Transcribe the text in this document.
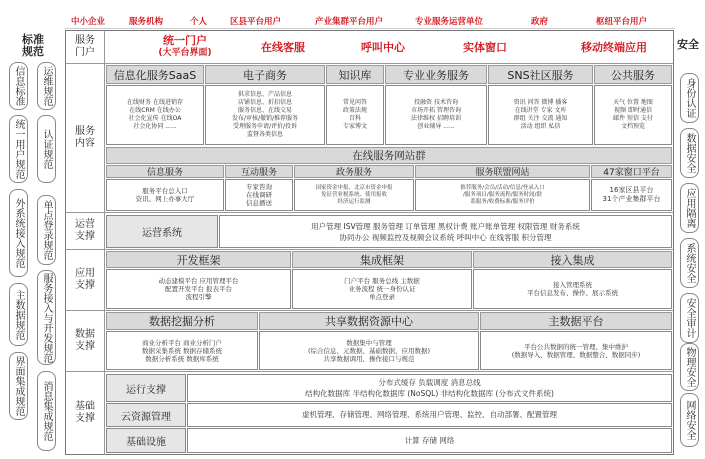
中小企业	服务机构	个人	区县平台用户	产业集群平台用户	专业服务运营单位	政府	枢纽平台用户
标准规范
信息标准
统一用户规范
外系统接入规范
主数据规范
界面集成规范
运维规范
认证规范
单点登录规范
服务接入与开发规范
消息集成规范
安全
身份认证
数据安全
应用隔离
系统安全
安全审计
物理安全
网络安全
服务门户
统一门户
(大平台界面)	在线客服	呼叫中心	实体窗口	移动终端应用
服务内容
信息化服务SaaS	电子商务	知识库	专业业务服务	SNS社区服务	公共服务
在线财务 在线进销存
在线CRM 在线办公
社会化宣传 在线OA
社会化协同 ......
供求信息、产品信息
店铺信息、折扣信息
服务信息、在线交易
发布/审核/撤销/推荐服务
受理服务申请/评价/投诉
监督各类信息
常见问答
政策法规
百科
专家博文
投融资 技术咨询
市场开拓 管理咨询
法律维权 招聘培训
创业辅导 ......
资讯 问答 微博 播客
在线讲堂 专家 文库
群组 关注 交流 通知
活动 组织 私信
天气 位置 地图
视频 即时通信
邮件 短信 支付
文档预览
在线服务网站群
信息服务	互动服务	政务服务	服务联盟网站	47家窗口平台
服务平台总入口
资讯、网上办事大厅
专家咨询
在线调研
信息播送
国家资金申报、北京市资金申报
免征营业税系统、使用报收
经济运行监测
推荐服务/会员/活动/信息/登录入口
/服务项目/服务流程/服务时间/联
系服务/收费标准/服务评价
16家区县平台
31个产业集群平台
运营支撑	运营系统
用户管理 ISV管理 服务管理 订单管理 黑权计费 账户账单管理 权限管理 财务系统
协同办公 视频监控及视频会议系统 呼叫中心 在线客服 积分管理
应用支撑
开发框架	集成框架	接入集成
动态建模平台 应用管理平台
配置开发平台 报表平台
流程引擎
门户平台 服务总线 主数据
业务流程 统一身份认证
单点登录
接入管理系统
平台信息发布、操作、展示系统
数据支撑
数据挖掘分析	共享数据资源中心	主数据平台
商业分析平台 商业分析门户
数据采集系统 数据存储系统
数据分析系统 数据库系统
数据集中与管理
(综合信息、元数据、基础数据、应用数据)
共享数据调用、操作接口与规范
平台公共数据的统一管理、集中维护
(数据导入、数据管理、数据整合、数据同步)
基础支撑
运行支撑
分布式缓存 负载调度 消息总线
结构化数据库 半结构化数据库 (NoSQL) 非结构化数据库 (分布式文件系统)
云资源管理	虚机管理、存储管理、网络管理、系统用户管理、监控、自动部署、配置管理
基础设施	计算 存储 网络
